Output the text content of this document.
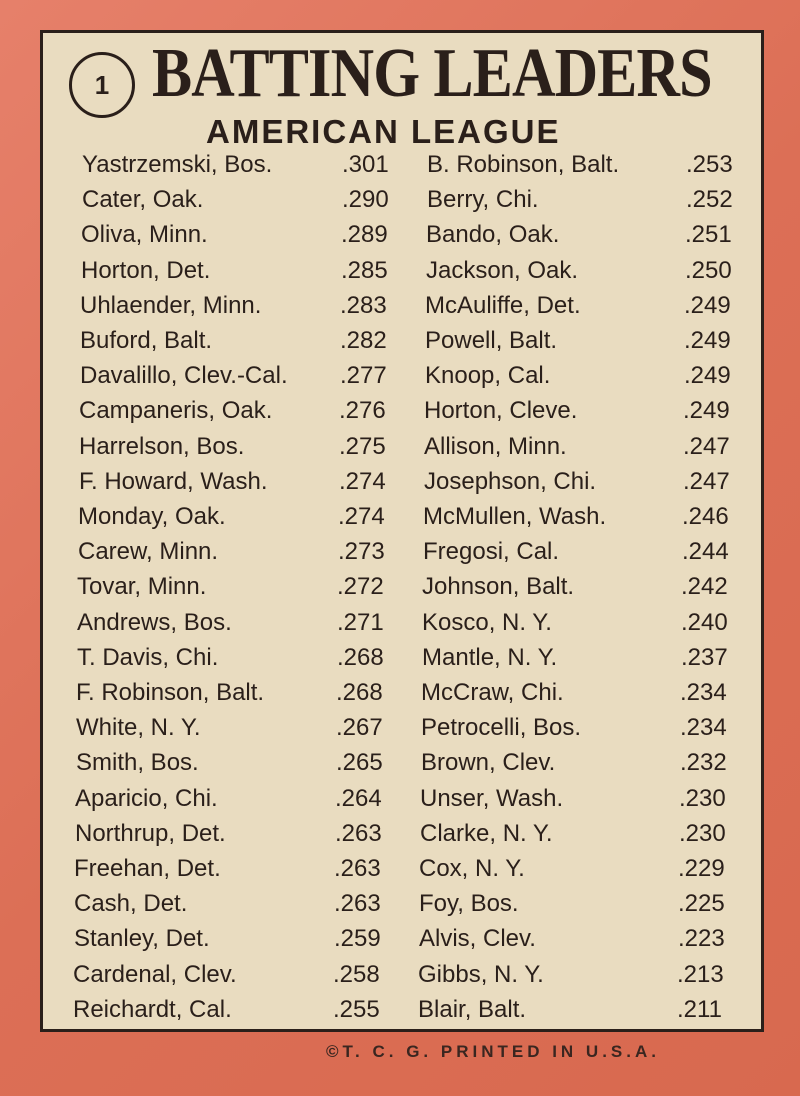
1 BATTING LEADERS
AMERICAN LEAGUE
Yastrzemski, Bos.	.301
Cater, Oak.	.290
Oliva, Minn.	.289
Horton, Det.	.285
Uhlaender, Minn.	.283
Buford, Balt.	.282
Davalillo, Clev.-Cal. .277
Campaneris, Oak.	.276
Harrelson, Bos.	.275
F. Howard, Wash.	.274
Monday, Oak.	.274
Carew, Minn.	.273
Tovar, Minn.	.272
Andrews, Bos.	.271
T. Davis, Chi.	.268
F. Robinson, Balt.	.268
White, N. Y.	.267
Smith, Bos.	.265
Aparicio, Chi.	.264
Northrup, Det.	.263
Freehan, Det.	.263
Cash, Det.	.263
Stanley, Det.	.259
Cardenal, Clev.	.258
Reichardt, Cal.	.255
B. Robinson, Balt.	.253
Berry, Chi.	.252
Bando, Oak.	.251
Jackson, Oak.	.250
McAuliffe, Det.	.249
Powell, Balt.	.249
Knoop, Cal.	.249
Horton, Cleve.	.249
Allison, Minn.	.247
Josephson, Chi.	.247
McMullen, Wash.	.246
Fregosi, Cal.	.244
Johnson, Balt.	.242
Kosco, N. Y.	.240
Mantle, N. Y.	.237
McCraw, Chi.	.234
Petrocelli, Bos.	.234
Brown, Clev.	.232
Unser, Wash.	.230
Clarke, N. Y.	.230
Cox, N. Y.	.229
Foy, Bos.	.225
Alvis, Clev.	.223
Gibbs, N. Y.	.213
Blair, Balt.	.211
©T. C. G. PRINTED IN U.S.A.
